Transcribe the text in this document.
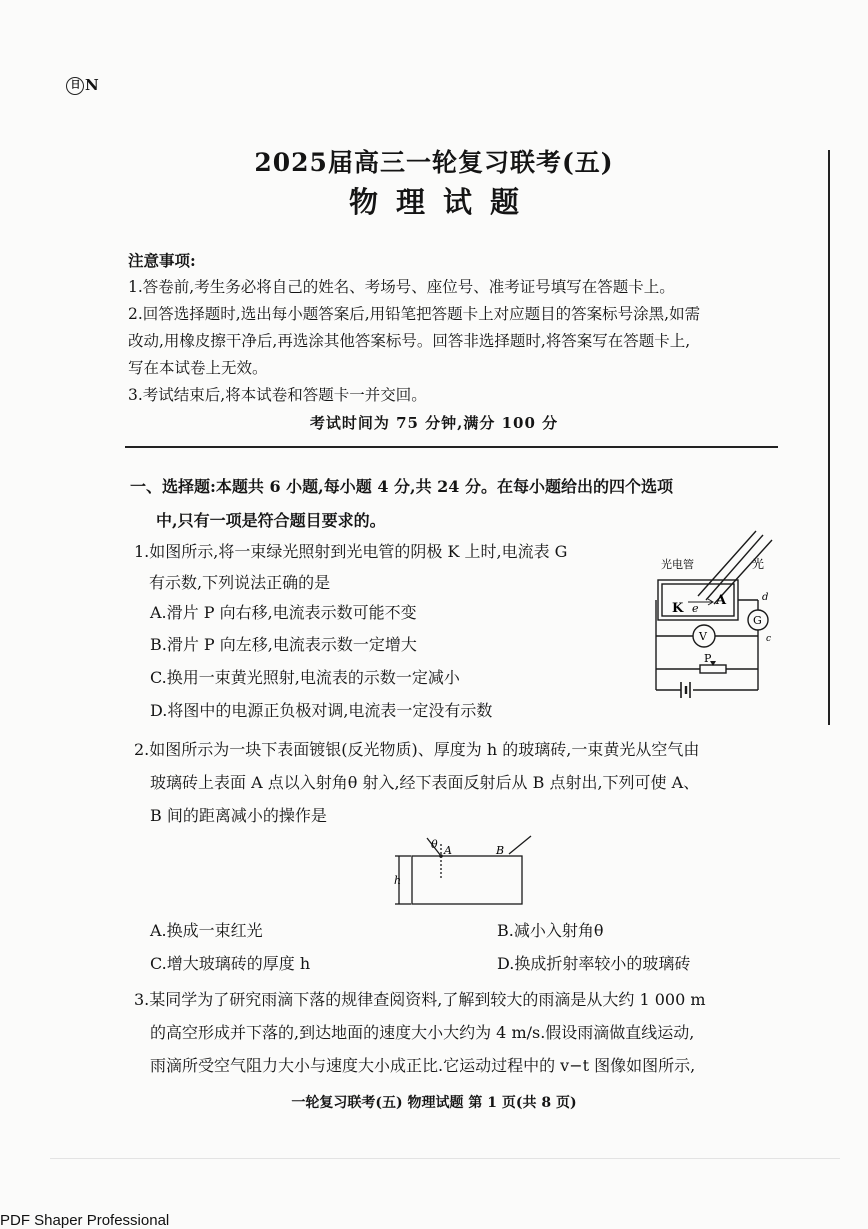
日 N
2025届高三一轮复习联考(五)
物理试题

注意事项:

1.答卷前,考生务必将自己的姓名、考场号、座位号、准考证号填写在答题卡上。

2.回答选择题时,选出每小题答案后,用铅笔把答题卡上对应题目的答案标号涂黑,如需

改动,用橡皮擦干净后,再选涂其他答案标号。回答非选择题时,将答案写在答题卡上,

写在本试卷上无效。

3.考试结束后,将本试卷和答题卡一并交回。

考试时间为 75 分钟,满分 100 分
一、选择题:本题共 6 小题,每小题 4 分,共 24 分。在每小题给出的四个选项
中,只有一项是符合题目要求的。
1.如图所示,将一束绿光照射到光电管的阴极 K 上时,电流表 G
有示数,下列说法正确的是
A.滑片 P 向右移,电流表示数可能不变
B.滑片 P 向左移,电流表示数一定增大
C.换用一束黄光照射,电流表的示数一定减小
D.将图中的电源正负极对调,电流表一定没有示数
光电管	光
K e
A	d
c
G
V
P
2.如图所示为一块下表面镀银(反光物质)、厚度为 h 的玻璃砖,一束黄光从空气由
玻璃砖上表面 A 点以入射角θ 射入,经下表面反射后从 B 点射出,下列可使 A、
B 间的距离减小的操作是
θ A	B
h
A.换成一束红光	B.减小入射角θ
C.增大玻璃砖的厚度 h	D.换成折射率较小的玻璃砖
3.某同学为了研究雨滴下落的规律查阅资料,了解到较大的雨滴是从大约 1 000 m
的高空形成并下落的,到达地面的速度大小大约为 4 m/s.假设雨滴做直线运动,
雨滴所受空气阻力大小与速度大小成正比.它运动过程中的 v−t 图像如图所示,
一轮复习联考(五) 物理试题 第 1 页(共 8 页)
PDF Shaper Professional
